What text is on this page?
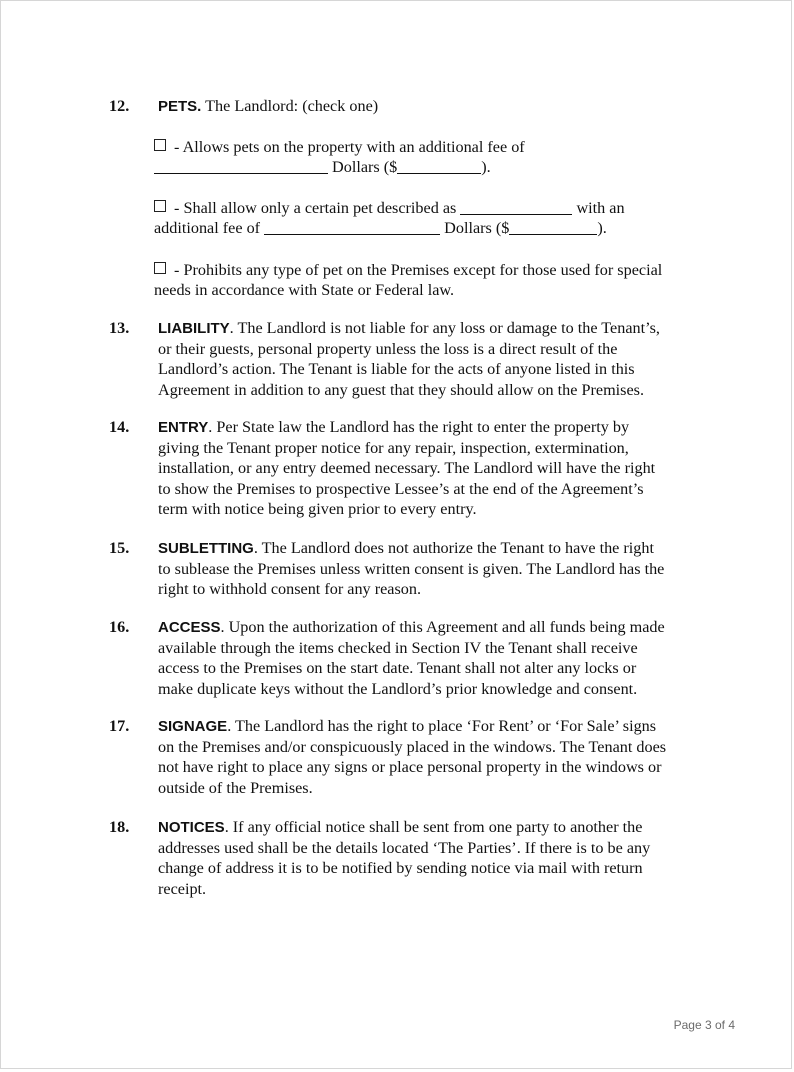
12. PETS. The Landlord: (check one)
- Allows pets on the property with an additional fee of
Dollars ($	).
- Shall allow only a certain pet described as	with an
additional fee of	Dollars ($	).
- Prohibits any type of pet on the Premises except for those used for special
needs in accordance with State or Federal law.
13. LIABILITY. The Landlord is not liable for any loss or damage to the Tenant’s,
or their guests, personal property unless the loss is a direct result of the
Landlord’s action. The Tenant is liable for the acts of anyone listed in this
Agreement in addition to any guest that they should allow on the Premises.
14. ENTRY. Per State law the Landlord has the right to enter the property by
giving the Tenant proper notice for any repair, inspection, extermination,
installation, or any entry deemed necessary. The Landlord will have the right
to show the Premises to prospective Lessee’s at the end of the Agreement’s
term with notice being given prior to every entry.
15. SUBLETTING. The Landlord does not authorize the Tenant to have the right
to sublease the Premises unless written consent is given. The Landlord has the
right to withhold consent for any reason.
16. ACCESS. Upon the authorization of this Agreement and all funds being made
available through the items checked in Section IV the Tenant shall receive
access to the Premises on the start date. Tenant shall not alter any locks or
make duplicate keys without the Landlord’s prior knowledge and consent.
17. SIGNAGE. The Landlord has the right to place ‘For Rent’ or ‘For Sale’ signs
on the Premises and/or conspicuously placed in the windows. The Tenant does
not have right to place any signs or place personal property in the windows or
outside of the Premises.
18. NOTICES. If any official notice shall be sent from one party to another the
addresses used shall be the details located ‘The Parties’. If there is to be any
change of address it is to be notified by sending notice via mail with return
receipt.
Page 3 of 4
